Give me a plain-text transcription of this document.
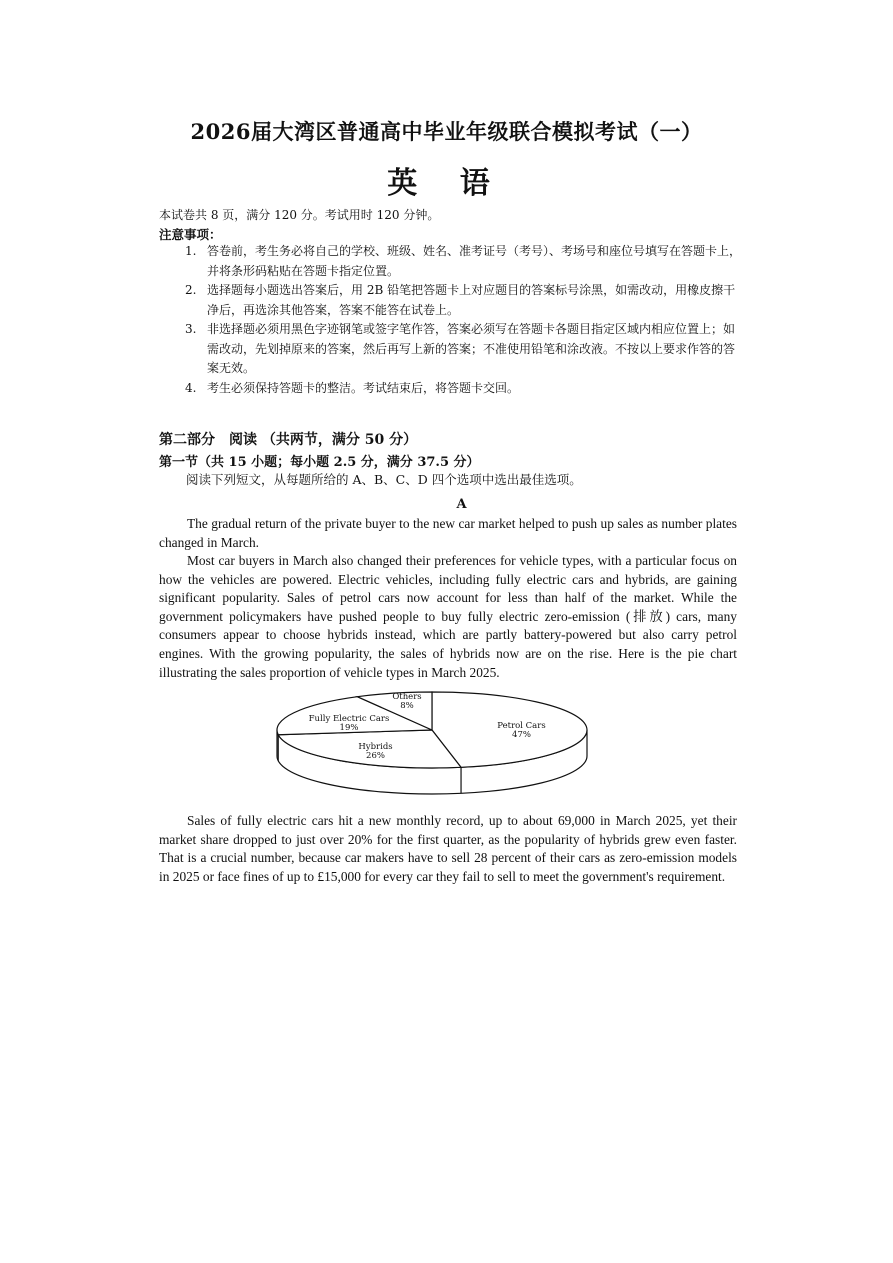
2026届大湾区普通高中毕业年级联合模拟考试（一）
英 语
本试卷共 8 页，满分 120 分。考试用时 120 分钟。
注意事项：
1. 答卷前，考生务必将自己的学校、班级、姓名、准考证号（考号）、考场号和座位号填写在答题卡上，并将条形码粘贴在答题卡指定位置。
2. 选择题每小题选出答案后，用 2B 铅笔把答题卡上对应题目的答案标号涂黑，如需改动，用橡皮擦干净后，再选涂其他答案，答案不能答在试卷上。
3. 非选择题必须用黑色字迹钢笔或签字笔作答，答案必须写在答题卡各题目指定区域内相应位置上；如需改动，先划掉原来的答案，然后再写上新的答案；不准使用铅笔和涂改液。不按以上要求作答的答案无效。
4. 考生必须保持答题卡的整洁。考试结束后，将答题卡交回。
第二部分　阅读 （共两节，满分 50 分）
第一节（共 15 小题；每小题 2.5 分，满分 37.5 分）
阅读下列短文，从每题所给的 A、B、C、D 四个选项中选出最佳选项。
A

The gradual return of the private buyer to the new car market helped to push up sales as number plates changed in March.

Most car buyers in March also changed their preferences for vehicle types, with a particular focus on how the vehicles are powered. Electric vehicles, including fully electric cars and hybrids, are gaining significant popularity. Sales of petrol cars now account for less than half of the market. While the government policymakers have pushed people to buy fully electric zero-emission (排放) cars, many consumers appear to choose hybrids instead, which are partly battery-powered but also carry petrol engines. With the growing popularity, the sales of hybrids now are on the rise. Here is the pie chart illustrating the sales proportion of vehicle types in March 2025.

Petrol Cars
47%
Hybrids
26%
Fully Electric Cars
19%
Others
8%

Sales of fully electric cars hit a new monthly record, up to about 69,000 in March 2025, yet their market share dropped to just over 20% for the first quarter, as the popularity of hybrids grew even faster. That is a crucial number, because car makers have to sell 28 percent of their cars as zero-emission models in 2025 or face fines of up to £15,000 for every car they fail to sell to meet the government's requirement.
